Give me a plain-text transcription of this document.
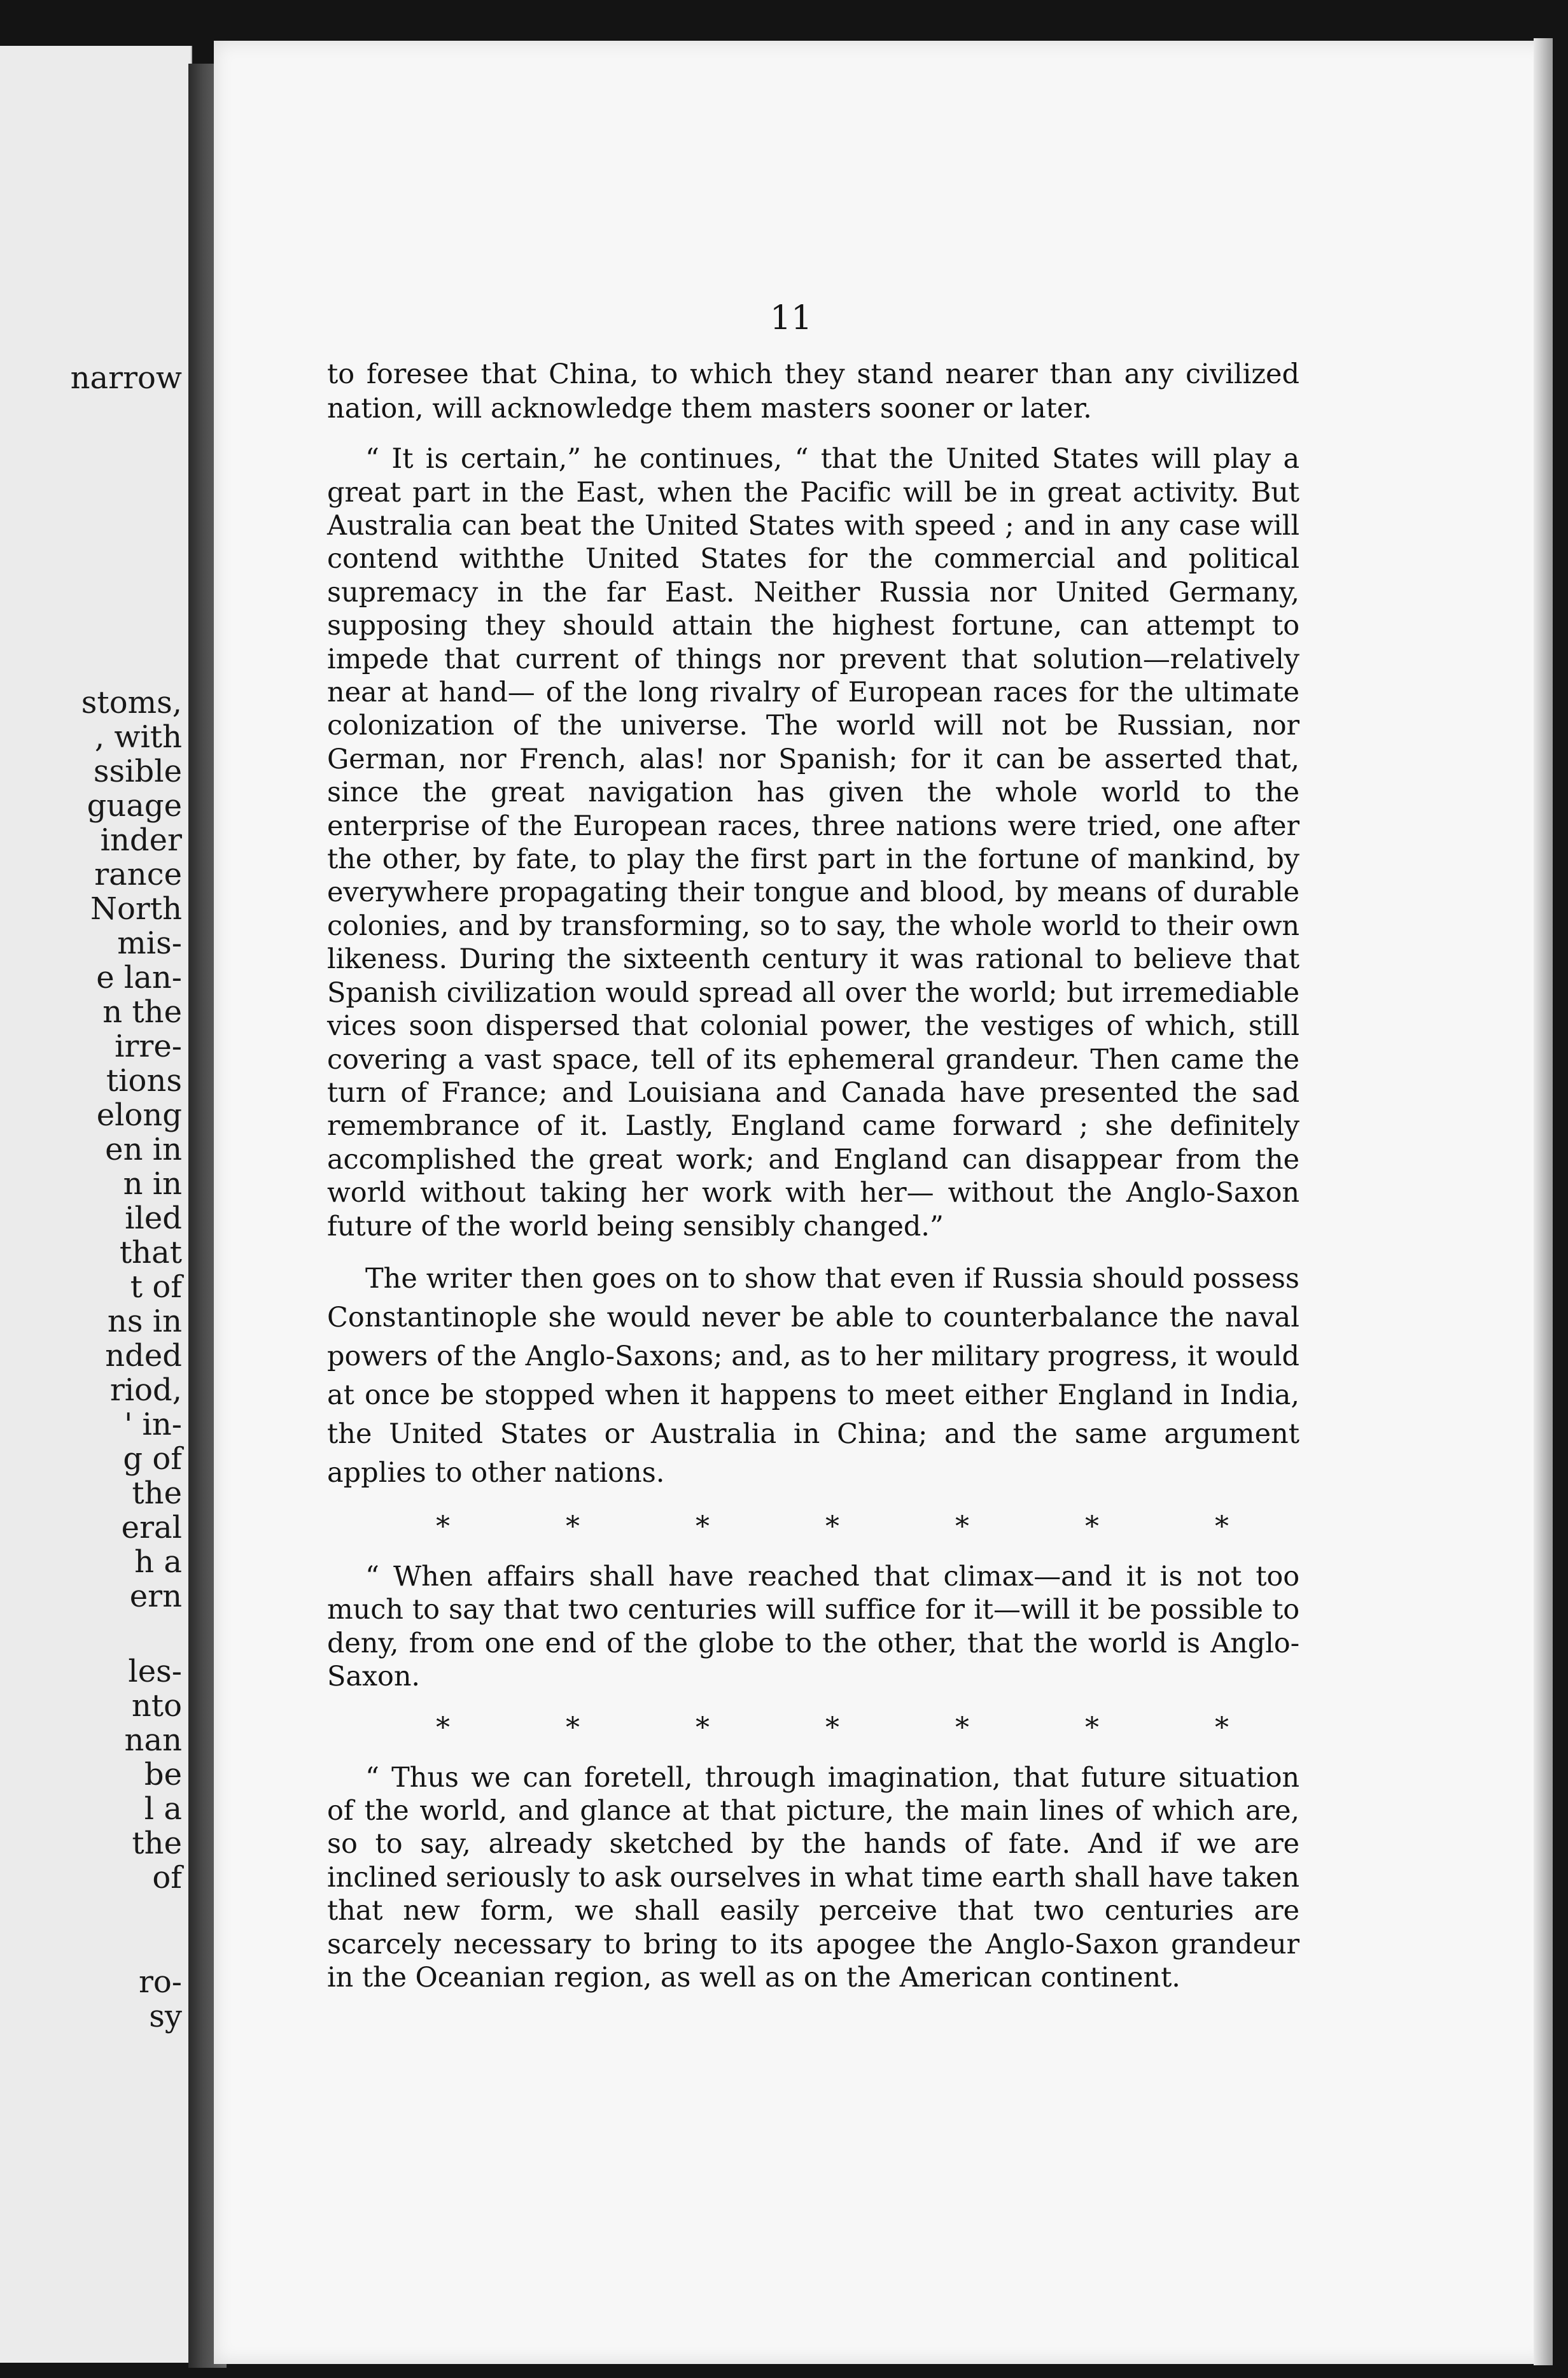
narrow
stoms,
, with
ssible
guage
inder
rance
North
mis-
e lan-
n the
irre-
tions
elong
en in
n in
iled
that
t of
ns in
nded
riod,
' in-
g of
the
eral
h a
ern
les-
nto
nan
be
l a
the
of
ro-
sy
11

to foresee that China, to which they stand nearer than any civilized nation, will acknowledge them masters sooner or later.

“ It is certain,” he continues, “ that the United States will play a great part in the East, when the Pacific will be in great activity. But Australia can beat the United States with speed ; and in any case will contend withthe United States for the commercial and political supremacy in the far East. Neither Russia nor United Germany, supposing they should attain the highest fortune, can attempt to impede that current of things nor prevent that solution—relatively near at hand— of the long rivalry of European races for the ultimate colonization of the universe. The world will not be Russian, nor German, nor French, alas! nor Spanish; for it can be asserted that, since the great navigation has given the whole world to the enterprise of the European races, three nations were tried, one after the other, by fate, to play the first part in the fortune of mankind, by everywhere propagating their tongue and blood, by means of durable colonies, and by transforming, so to say, the whole world to their own likeness. During the sixteenth century it was rational to believe that Spanish civilization would spread all over the world; but irremediable vices soon dispersed that colonial power, the vestiges of which, still covering a vast space, tell of its ephemeral grandeur. Then came the turn of France; and Louisiana and Canada have presented the sad remembrance of it. Lastly, England came forward ; she definitely accomplished the great work; and England can disappear from the world without taking her work with her— without the Anglo-Saxon future of the world being sensibly changed.”

The writer then goes on to show that even if Russia should possess Constantinople she would never be able to counterbalance the naval powers of the Anglo-Saxons; and, as to her military progress, it would at once be stopped when it happens to meet either England in India, the United States or Australia in China; and the same argument applies to other nations.

*	*	*	*	*	*	*

“ When affairs shall have reached that climax—and it is not too much to say that two centuries will suffice for it—will it be possible to deny, from one end of the globe to the other, that the world is Anglo-Saxon.

*	*	*	*	*	*	*

“ Thus we can foretell, through imagination, that future situation of the world, and glance at that picture, the main lines of which are, so to say, already sketched by the hands of fate. And if we are inclined seriously to ask ourselves in what time earth shall have taken that new form, we shall easily perceive that two centuries are scarcely necessary to bring to its apogee the Anglo-Saxon grandeur in the Oceanian region, as well as on the American continent.
